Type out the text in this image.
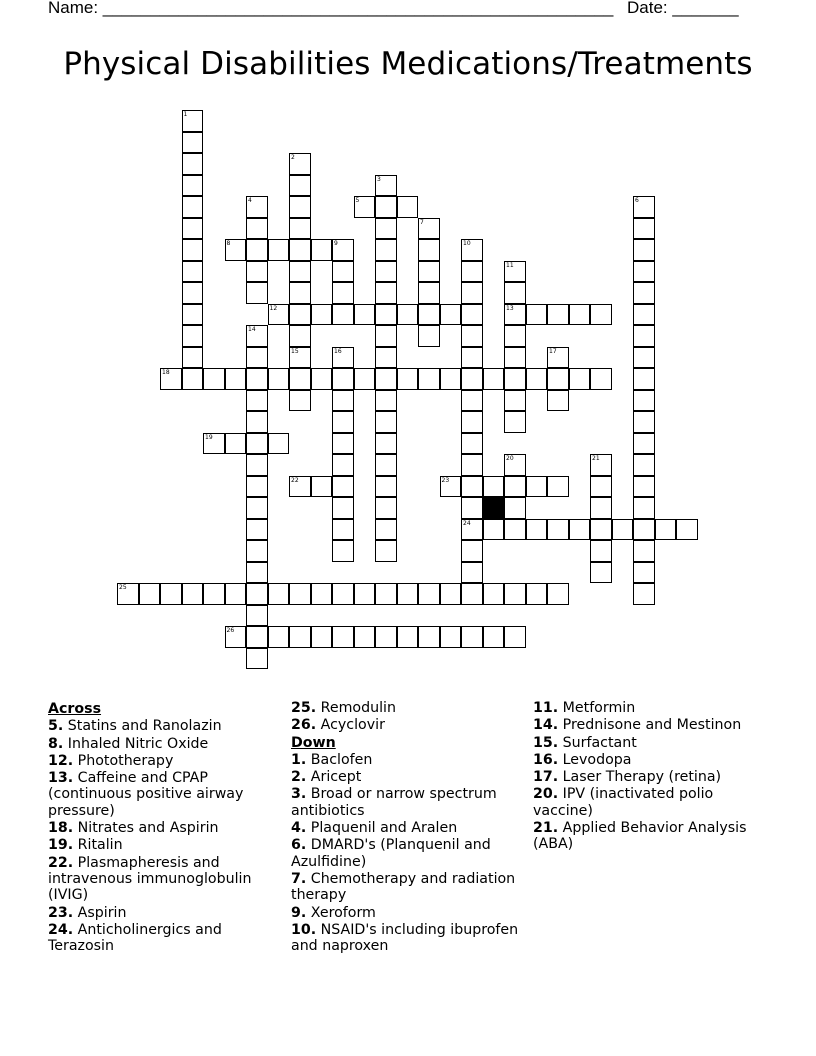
Name: ______________________________________________________ Date: _______
Physical Disabilities Medications/Treatments
1
2
15
3
4	5	6
7
8	9	10
24
11
13
12
14
16	17
18
19
20	21
22	23
25
26
Across
5. Statins and Ranolazin
8. Inhaled Nitric Oxide
12. Phototherapy
13. Caffeine and CPAP (continuous positive airway pressure)
18. Nitrates and Aspirin
19. Ritalin
22. Plasmapheresis and intravenous immunoglobulin (IVIG)
23. Aspirin
24. Anticholinergics and Terazosin
25. Remodulin
26. Acyclovir
Down
1. Baclofen
2. Aricept
3. Broad or narrow spectrum antibiotics
4. Plaquenil and Aralen
6. DMARD's (Planquenil and Azulfidine)
7. Chemotherapy and radiation therapy
9. Xeroform
10. NSAID's including ibuprofen and naproxen
11. Metformin
14. Prednisone and Mestinon
15. Surfactant
16. Levodopa
17. Laser Therapy (retina)
20. IPV (inactivated polio vaccine)
21. Applied Behavior Analysis (ABA)
